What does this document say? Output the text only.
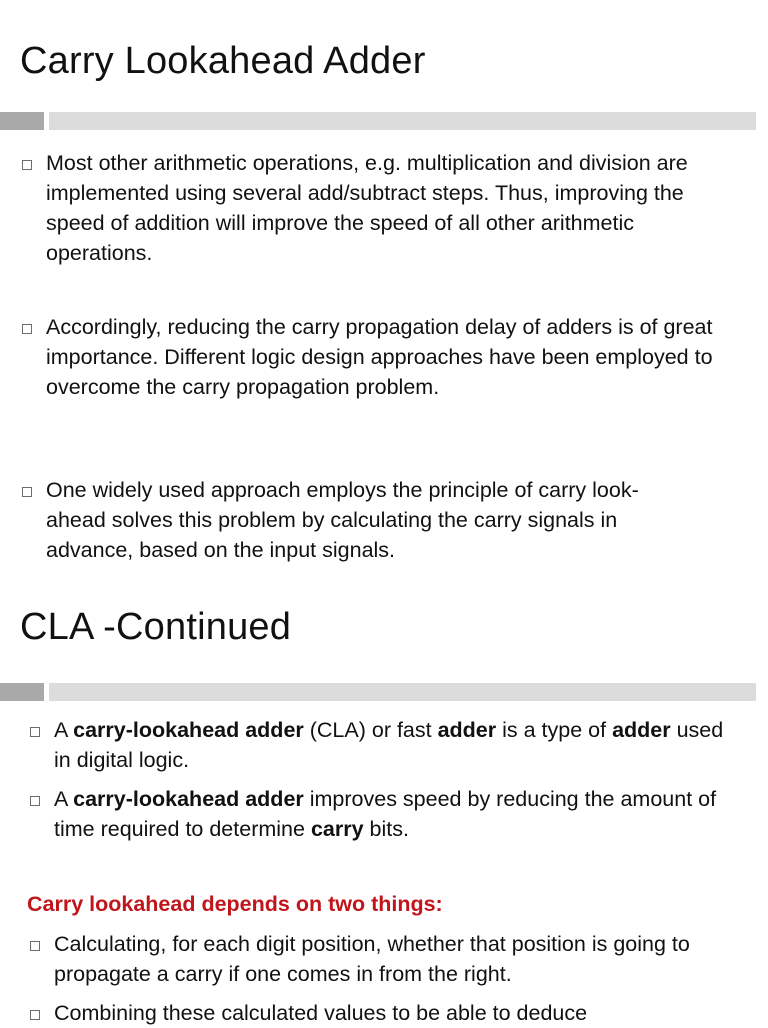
Carry Lookahead Adder
Most other arithmetic operations, e.g. multiplication and division are implemented using several add/subtract steps. Thus, improving the speed of addition will improve the speed of all other arithmetic operations.
Accordingly, reducing the carry propagation delay of adders is of great importance. Different logic design approaches have been employed to overcome the carry propagation problem.
One widely used approach employs the principle of carry look-ahead solves this problem by calculating the carry signals in advance, based on the input signals.
CLA -Continued
A carry-lookahead adder (CLA) or fast adder is a type of adder used in digital logic.
A carry-lookahead adder improves speed by reducing the amount of time required to determine carry bits.

Carry lookahead depends on two things:

Calculating, for each digit position, whether that position is going to propagate a carry if one comes in from the right.
Combining these calculated values to be able to deduce
